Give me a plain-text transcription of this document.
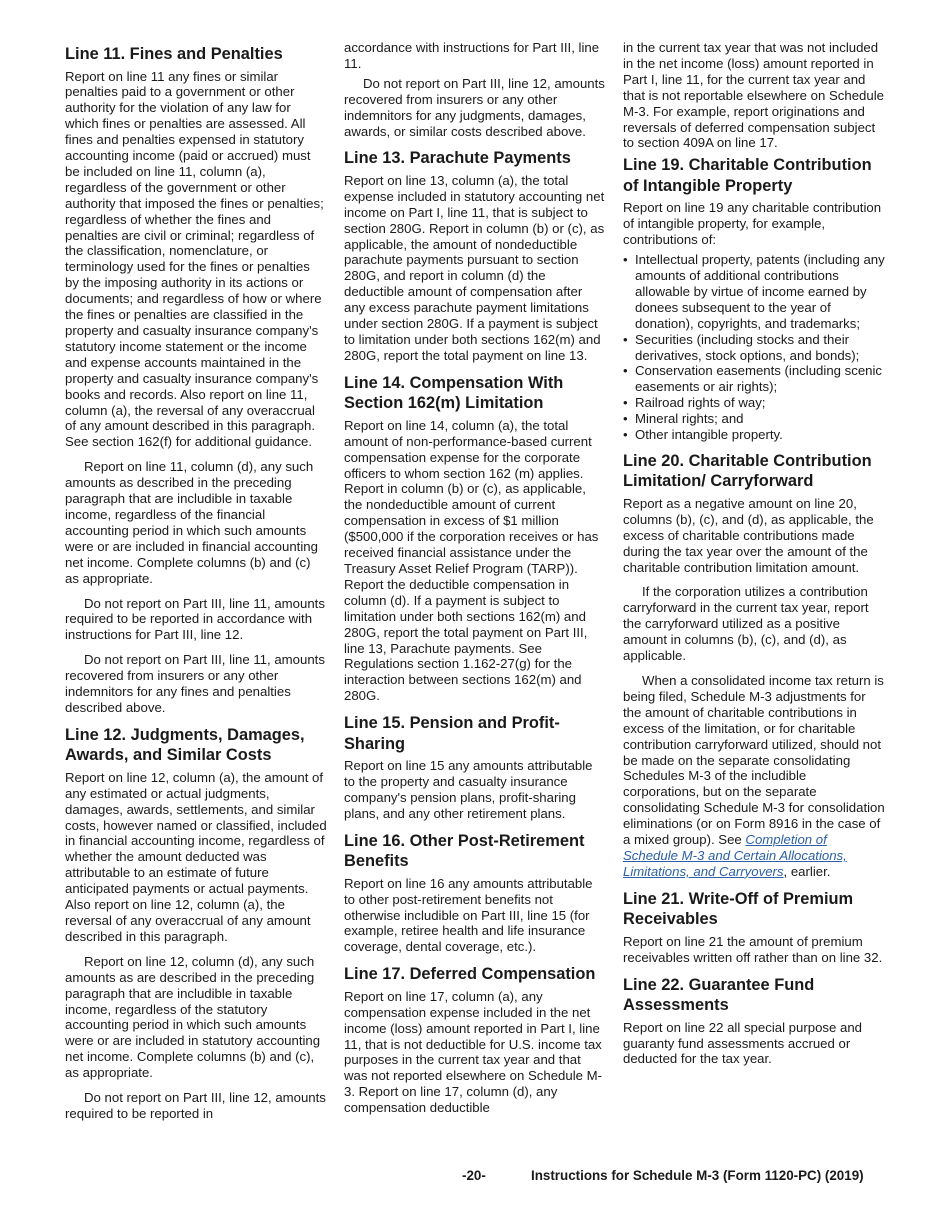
Line 11. Fines and Penalties

Report on line 11 any fines or similar penalties paid to a government or other authority for the violation of any law for which fines or penalties are assessed. All fines and penalties expensed in statutory accounting income (paid or accrued) must be included on line 11, column (a), regardless of the government or other authority that imposed the fines or penalties; regardless of whether the fines and penalties are civil or criminal; regardless of the classification, nomenclature, or terminology used for the fines or penalties by the imposing authority in its actions or documents; and regardless of how or where the fines or penalties are classified in the property and casualty insurance company's statutory income statement or the income and expense accounts maintained in the property and casualty insurance company's books and records. Also report on line 11, column (a), the reversal of any overaccrual of any amount described in this paragraph. See section 162(f) for additional guidance.

Report on line 11, column (d), any such amounts as described in the preceding paragraph that are includible in taxable income, regardless of the financial accounting period in which such amounts were or are included in financial accounting net income. Complete columns (b) and (c) as appropriate.

Do not report on Part III, line 11, amounts required to be reported in accordance with instructions for Part III, line 12.

Do not report on Part III, line 11, amounts recovered from insurers or any other indemnitors for any fines and penalties described above.

Line 12. Judgments, Damages, Awards, and Similar Costs

Report on line 12, column (a), the amount of any estimated or actual judgments, damages, awards, settlements, and similar costs, however named or classified, included in financial accounting income, regardless of whether the amount deducted was attributable to an estimate of future anticipated payments or actual payments. Also report on line 12, column (a), the reversal of any overaccrual of any amount described in this paragraph.

Report on line 12, column (d), any such amounts as are described in the preceding paragraph that are includible in taxable income, regardless of the statutory accounting period in which such amounts were or are included in statutory accounting net income. Complete columns (b) and (c), as appropriate.

Do not report on Part III, line 12, amounts required to be reported in

accordance with instructions for Part III, line 11.

Do not report on Part III, line 12, amounts recovered from insurers or any other indemnitors for any judgments, damages, awards, or similar costs described above.

Line 13. Parachute Payments

Report on line 13, column (a), the total expense included in statutory accounting net income on Part I, line 11, that is subject to section 280G. Report in column (b) or (c), as applicable, the amount of nondeductible parachute payments pursuant to section 280G, and report in column (d) the deductible amount of compensation after any excess parachute payment limitations under section 280G. If a payment is subject to limitation under both sections 162(m) and 280G, report the total payment on line 13.

Line 14. Compensation With Section 162(m) Limitation

Report on line 14, column (a), the total amount of non-performance-based current compensation expense for the corporate officers to whom section 162 (m) applies. Report in column (b) or (c), as applicable, the nondeductible amount of current compensation in excess of $1 million ($500,000 if the corporation receives or has received financial assistance under the Treasury Asset Relief Program (TARP)). Report the deductible compensation in column (d). If a payment is subject to limitation under both sections 162(m) and 280G, report the total payment on Part III, line 13, Parachute payments. See Regulations section 1.162-27(g) for the interaction between sections 162(m) and 280G.

Line 15. Pension and Profit-Sharing

Report on line 15 any amounts attributable to the property and casualty insurance company's pension plans, profit-sharing plans, and any other retirement plans.

Line 16. Other Post-Retirement Benefits

Report on line 16 any amounts attributable to other post-retirement benefits not otherwise includible on Part III, line 15 (for example, retiree health and life insurance coverage, dental coverage, etc.).

Line 17. Deferred Compensation

Report on line 17, column (a), any compensation expense included in the net income (loss) amount reported in Part I, line 11, that is not deductible for U.S. income tax purposes in the current tax year and that was not reported elsewhere on Schedule M-3. Report on line 17, column (d), any compensation deductible

in the current tax year that was not included in the net income (loss) amount reported in Part I, line 11, for the current tax year and that is not reportable elsewhere on Schedule M-3. For example, report originations and reversals of deferred compensation subject to section 409A on line 17.

Line 19. Charitable Contribution of Intangible Property

Report on line 19 any charitable contribution of intangible property, for example, contributions of:

• Intellectual property, patents (including any amounts of additional contributions allowable by virtue of income earned by donees subsequent to the year of donation), copyrights, and trademarks;
• Securities (including stocks and their derivatives, stock options, and bonds);
• Conservation easements (including scenic easements or air rights);
• Railroad rights of way;
• Mineral rights; and
• Other intangible property.
Line 20. Charitable Contribution Limitation/ Carryforward

Report as a negative amount on line 20, columns (b), (c), and (d), as applicable, the excess of charitable contributions made during the tax year over the amount of the charitable contribution limitation amount.

If the corporation utilizes a contribution carryforward in the current tax year, report the carryforward utilized as a positive amount in columns (b), (c), and (d), as applicable.

When a consolidated income tax return is being filed, Schedule M-3 adjustments for the amount of charitable contributions in excess of the limitation, or for charitable contribution carryforward utilized, should not be made on the separate consolidating Schedules M-3 of the includible corporations, but on the separate consolidating Schedule M-3 for consolidation eliminations (or on Form 8916 in the case of a mixed group). See Completion of Schedule M-3 and Certain Allocations, Limitations, and Carryovers, earlier.

Line 21. Write-Off of Premium Receivables

Report on line 21 the amount of premium receivables written off rather than on line 32.

Line 22. Guarantee Fund Assessments

Report on line 22 all special purpose and guaranty fund assessments accrued or deducted for the tax year.

-20-	Instructions for Schedule M-3 (Form 1120-PC) (2019)
